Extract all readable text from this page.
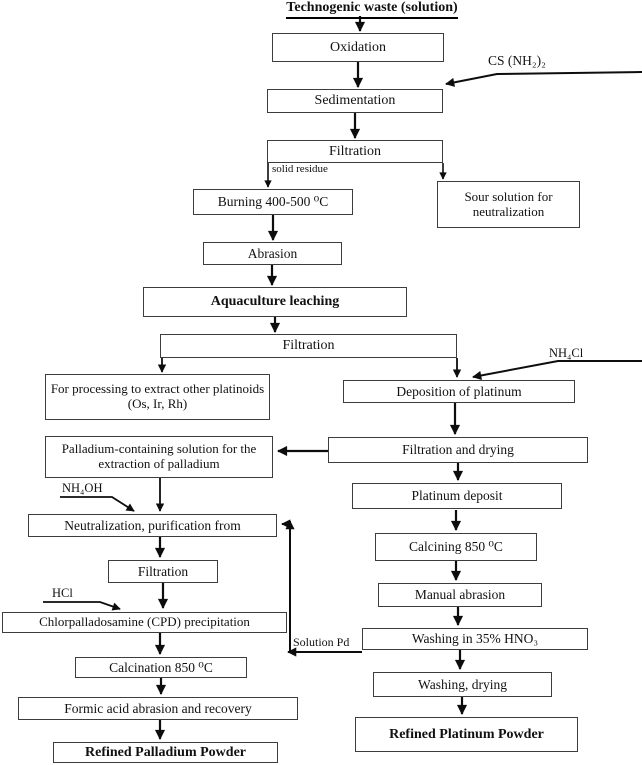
Technogenic waste (solution)
Oxidation
Sedimentation
Filtration
Burning 400-500 ⁰C	Sour solution for neutralization
Abrasion
Aquaculture leaching
Filtration
For processing to extract other platinoids (Os, Ir, Rh)
Deposition of platinum
Palladium-containing solution for the extraction of palladium
Filtration and drying
Platinum deposit
Neutralization, purification from
Calcining 850 ⁰C
Filtration
Manual abrasion
Chlorpalladosamine (CPD) precipitation
Washing in 35% HNO₃
Calcination 850 ⁰C
Washing, drying
Formic acid abrasion and recovery
Refined Platinum Powder
Refined Palladium Powder
CS (NH₂)₂
solid residue
NH₄Cl
NH₄OH
HCl
Solution Pd
